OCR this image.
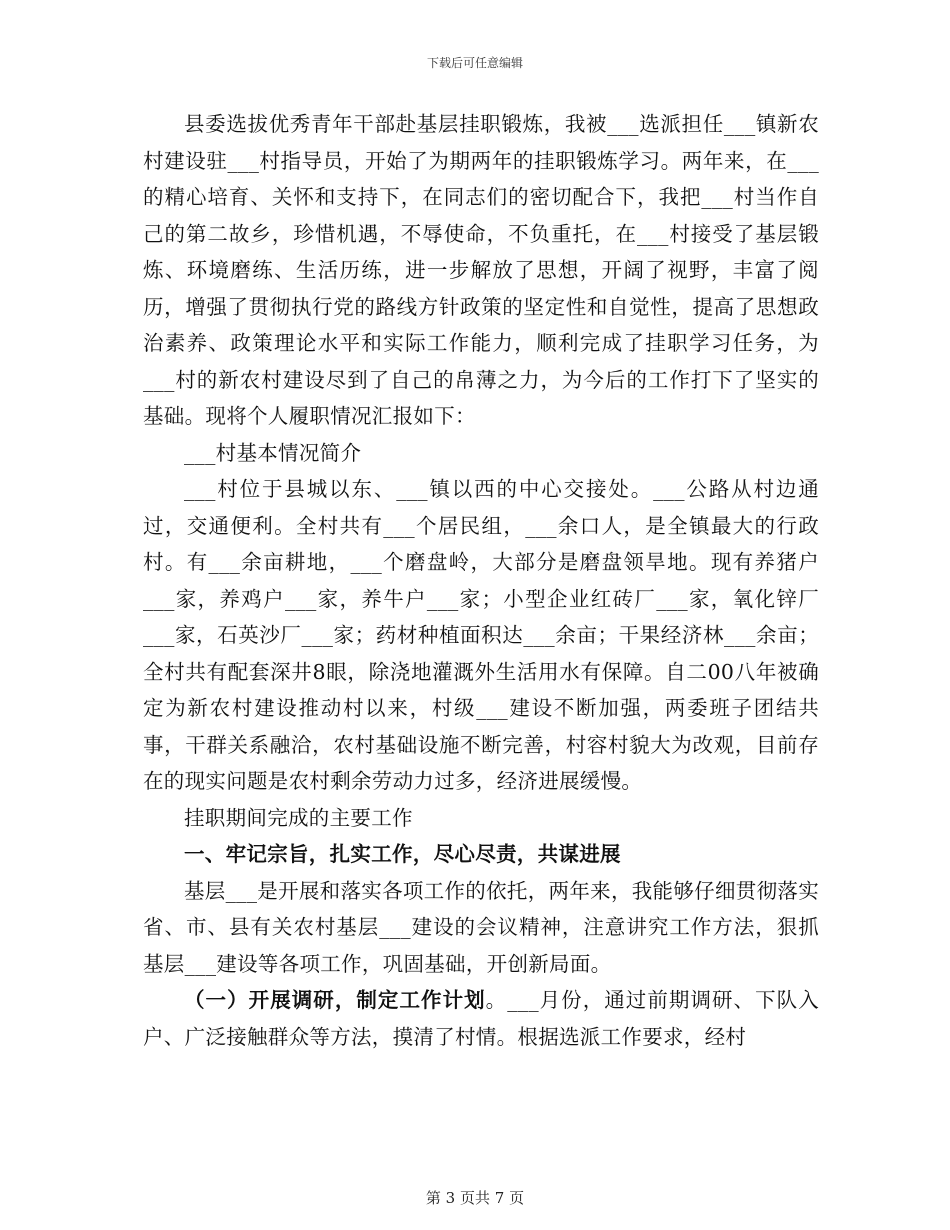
下载后可任意编辑

县委选拔优秀青年干部赴基层挂职锻炼，我被___选派担任___镇新农村建设驻___村指导员，开始了为期两年的挂职锻炼学习。两年来，在___的精心培育、关怀和支持下，在同志们的密切配合下，我把___村当作自己的第二故乡，珍惜机遇，不辱使命，不负重托，在___村接受了基层锻炼、环境磨练、生活历练，进一步解放了思想，开阔了视野，丰富了阅历，增强了贯彻执行党的路线方针政策的坚定性和自觉性，提高了思想政治素养、政策理论水平和实际工作能力，顺利完成了挂职学习任务，为___村的新农村建设尽到了自己的帛薄之力，为今后的工作打下了坚实的基础。现将个人履职情况汇报如下：

___村基本情况简介

___村位于县城以东、___镇以西的中心交接处。___公路从村边通过，交通便利。全村共有___个居民组，___余口人，是全镇最大的行政村。有___余亩耕地，___个磨盘岭，大部分是磨盘领旱地。现有养猪户___家，养鸡户___家，养牛户___家；小型企业红砖厂___家，氧化锌厂___家，石英沙厂___家；药材种植面积达___余亩；干果经济林___余亩；全村共有配套深井8眼，除浇地灌溉外生活用水有保障。自二00八年被确定为新农村建设推动村以来，村级___建设不断加强，两委班子团结共事，干群关系融洽，农村基础设施不断完善，村容村貌大为改观，目前存在的现实问题是农村剩余劳动力过多，经济进展缓慢。

挂职期间完成的主要工作

一、牢记宗旨，扎实工作，尽心尽责，共谋进展

基层___是开展和落实各项工作的依托，两年来，我能够仔细贯彻落实省、市、县有关农村基层___建设的会议精神，注意讲究工作方法，狠抓基层___建设等各项工作，巩固基础，开创新局面。

（一）开展调研，制定工作计划。___月份，通过前期调研、下队入户、广泛接触群众等方法，摸清了村情。根据选派工作要求，经村

第 3 页共 7 页
